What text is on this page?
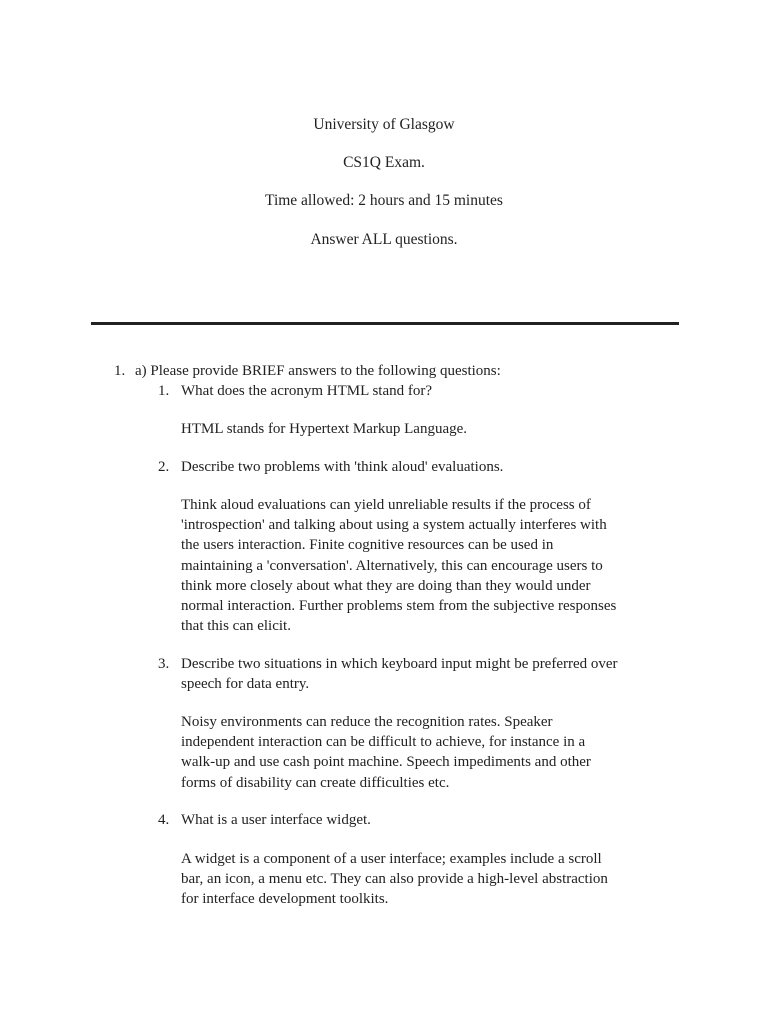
University of Glasgow
CS1Q Exam.
Time allowed: 2 hours and 15 minutes
Answer ALL questions.
1. a) Please provide BRIEF answers to the following questions:
1. What does the acronym HTML stand for?
HTML stands for Hypertext Markup Language.
2. Describe two problems with 'think aloud' evaluations.
Think aloud evaluations can yield unreliable results if the process of
'introspection' and talking about using a system actually interferes with
the users interaction. Finite cognitive resources can be used in
maintaining a 'conversation'. Alternatively, this can encourage users to
think more closely about what they are doing than they would under
normal interaction. Further problems stem from the subjective responses
that this can elicit.
3. Describe two situations in which keyboard input might be preferred over
speech for data entry.
Noisy environments can reduce the recognition rates. Speaker
independent interaction can be difficult to achieve, for instance in a
walk-up and use cash point machine. Speech impediments and other
forms of disability can create difficulties etc.
4. What is a user interface widget.
A widget is a component of a user interface; examples include a scroll
bar, an icon, a menu etc. They can also provide a high-level abstraction
for interface development toolkits.
